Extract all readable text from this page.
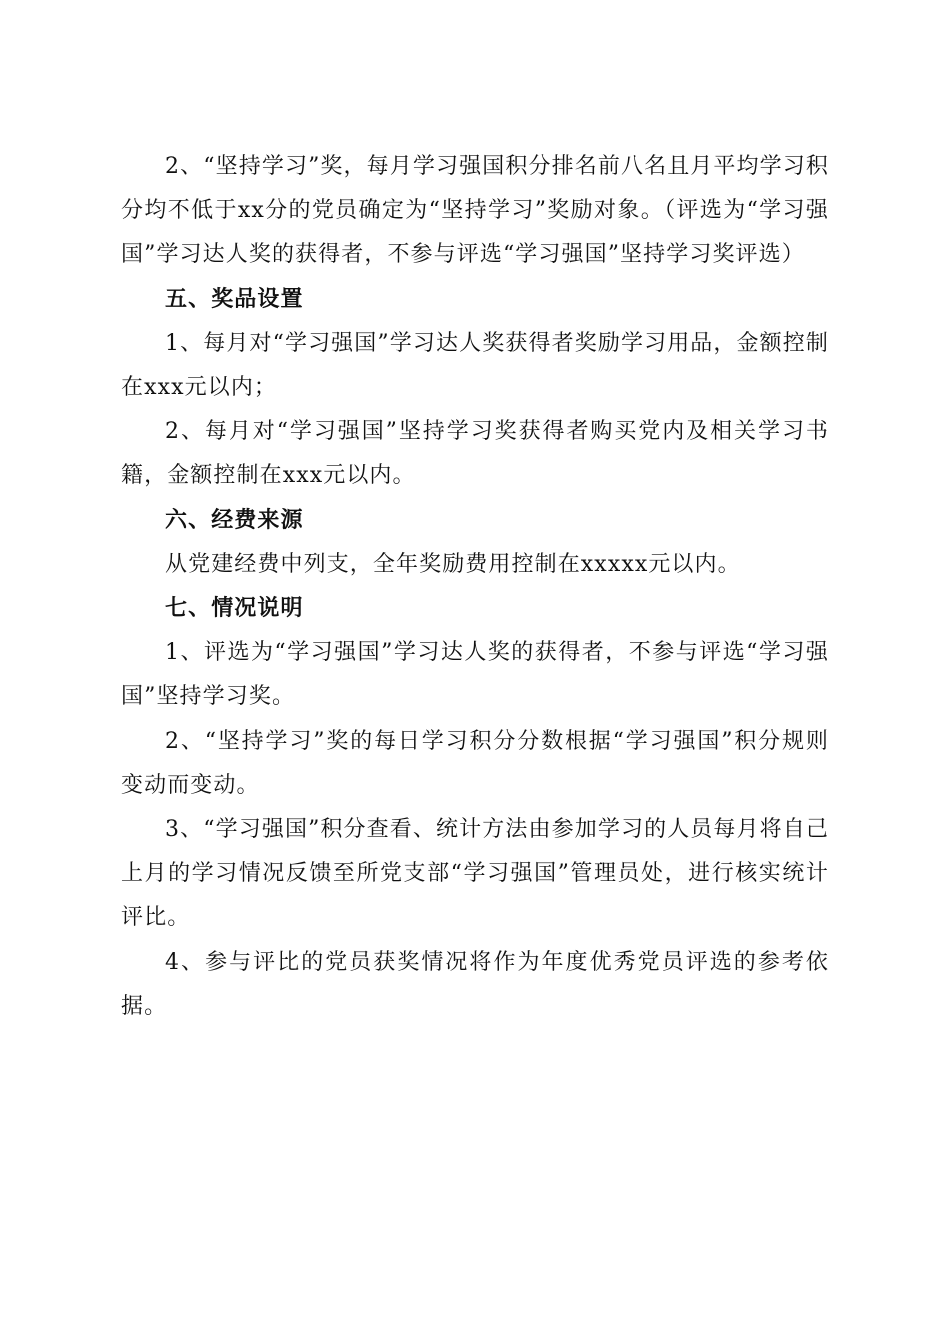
2、“坚持学习”奖，每月学习强国积分排名前八名且月平均学习积分均不低于xx分的党员确定为“坚持学习”奖励对象。（评选为“学习强国”学习达人奖的获得者，不参与评选“学习强国”坚持学习奖评选）

五、奖品设置

1、每月对“学习强国”学习达人奖获得者奖励学习用品，金额控制在xxx元以内；

2、每月对“学习强国”坚持学习奖获得者购买党内及相关学习书籍，金额控制在xxx元以内。

六、经费来源

从党建经费中列支，全年奖励费用控制在xxxxx元以内。

七、情况说明

1、评选为“学习强国”学习达人奖的获得者，不参与评选“学习强国”坚持学习奖。

2、“坚持学习”奖的每日学习积分分数根据“学习强国”积分规则变动而变动。

3、“学习强国”积分查看、统计方法由参加学习的人员每月将自己上月的学习情况反馈至所党支部“学习强国”管理员处，进行核实统计评比。

4、参与评比的党员获奖情况将作为年度优秀党员评选的参考依据。
